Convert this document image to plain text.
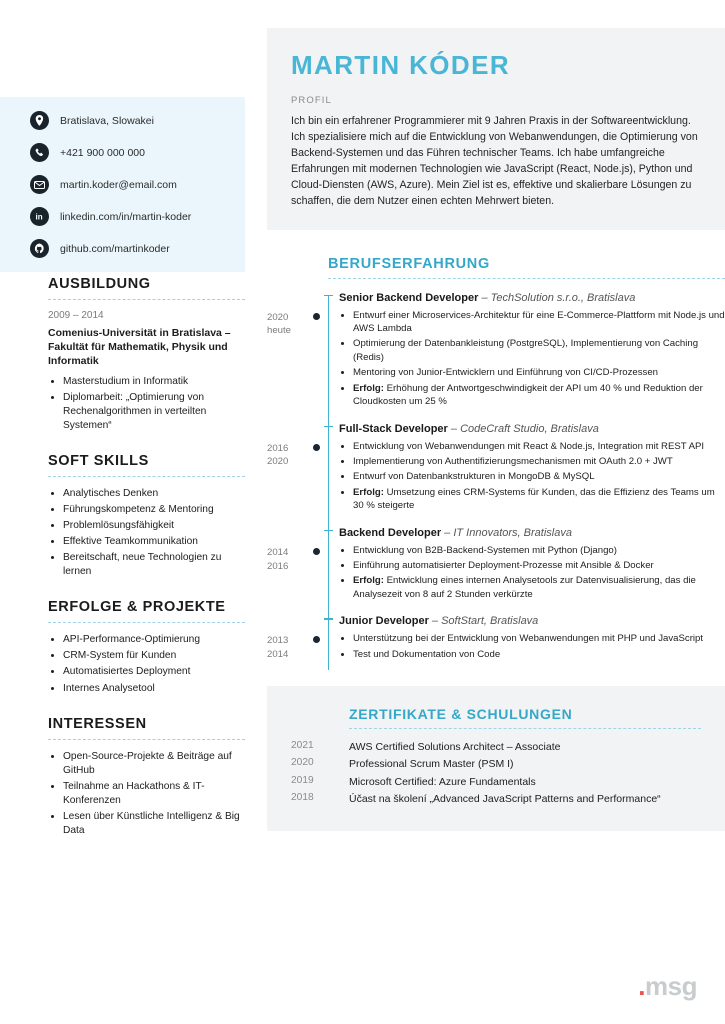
Bratislava, Slowakei
+421 900 000 000
martin.koder@email.com
in linkedin.com/in/martin-koder
github.com/martinkoder
AUSBILDUNG
2009 – 2014
Comenius-Universität in Bratislava – Fakultät für Mathematik, Physik und Informatik
• Masterstudium in Informatik
• Diplomarbeit: „Optimierung von Rechenalgorithmen in verteilten Systemen“
SOFT SKILLS
• Analytisches Denken
• Führungskompetenz & Mentoring
• Problemlösungsfähigkeit
• Effektive Teamkommunikation
• Bereitschaft, neue Technologien zu lernen
ERFOLGE & PROJEKTE
• API-Performance-Optimierung
• CRM-System für Kunden
• Automatisiertes Deployment
• Internes Analysetool
INTERESSEN
• Open-Source-Projekte & Beiträge auf GitHub
• Teilnahme an Hackathons & IT-Konferenzen
• Lesen über Künstliche Intelligenz & Big Data
MARTIN KÓDER
PROFIL

Ich bin ein erfahrener Programmierer mit 9 Jahren Praxis in der Softwareentwicklung. Ich spezialisiere mich auf die Entwicklung von Webanwendungen, die Optimierung von Backend-Systemen und das Führen technischer Teams. Ich habe umfangreiche Erfahrungen mit modernen Technologien wie JavaScript (React, Node.js), Python und Cloud-Diensten (AWS, Azure). Mein Ziel ist es, effektive und skalierbare Lösungen zu schaffen, die dem Nutzer einen echten Mehrwert bieten.

BERUFSERFAHRUNG
2020
heute
Senior Backend Developer – TechSolution s.r.o., Bratislava
• Entwurf einer Microservices-Architektur für eine E-Commerce-Plattform mit Node.js und AWS Lambda
• Optimierung der Datenbankleistung (PostgreSQL), Implementierung von Caching (Redis)
• Mentoring von Junior-Entwicklern und Einführung von CI/CD-Prozessen
• Erfolg: Erhöhung der Antwortgeschwindigkeit der API um 40 % und Reduktion der Cloudkosten um 25 %
2016
2020
Full-Stack Developer – CodeCraft Studio, Bratislava
• Entwicklung von Webanwendungen mit React & Node.js, Integration mit REST API
• Implementierung von Authentifizierungsmechanismen mit OAuth 2.0 + JWT
• Entwurf von Datenbankstrukturen in MongoDB & MySQL
• Erfolg: Umsetzung eines CRM-Systems für Kunden, das die Effizienz des Teams um 30 % steigerte
2014
2016
Backend Developer – IT Innovators, Bratislava
• Entwicklung von B2B-Backend-Systemen mit Python (Django)
• Einführung automatisierter Deployment-Prozesse mit Ansible & Docker
• Erfolg: Entwicklung eines internen Analysetools zur Datenvisualisierung, das die Analysezeit von 8 auf 2 Stunden verkürzte
2013
2014
Junior Developer – SoftStart, Bratislava
• Unterstützung bei der Entwicklung von Webanwendungen mit PHP und JavaScript
• Test und Dokumentation von Code
ZERTIFIKATE & SCHULUNGEN
2021	AWS Certified Solutions Architect – Associate
2020	Professional Scrum Master (PSM I)
2019	Microsoft Certified: Azure Fundamentals
2018	Účast na školení „Advanced JavaScript Patterns and Performance“
.msg
